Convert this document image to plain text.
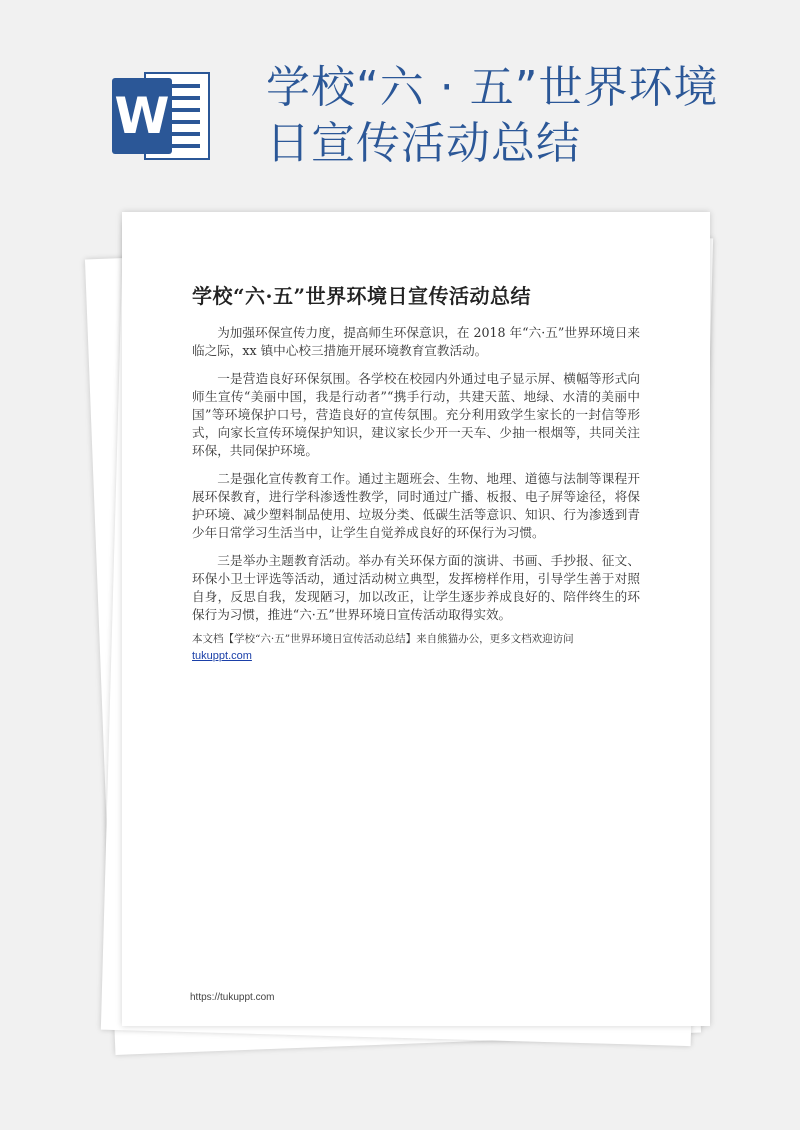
W 学校“六 · 五”世界环境日宣传活动总结
学校“六·五”世界环境日宣传活动总结

为加强环保宣传力度，提高师生环保意识，在 2018 年“六·五”世界环境日来临之际，xx 镇中心校三措施开展环境教育宣教活动。

一是营造良好环保氛围。各学校在校园内外通过电子显示屏、横幅等形式向师生宣传“美丽中国，我是行动者”“携手行动，共建天蓝、地绿、水清的美丽中国”等环境保护口号，营造良好的宣传氛围。充分利用致学生家长的一封信等形式，向家长宣传环境保护知识，建议家长少开一天车、少抽一根烟等，共同关注环保，共同保护环境。

二是强化宣传教育工作。通过主题班会、生物、地理、道德与法制等课程开展环保教育，进行学科渗透性教学，同时通过广播、板报、电子屏等途径，将保护环境、减少塑料制品使用、垃圾分类、低碳生活等意识、知识、行为渗透到青少年日常学习生活当中，让学生自觉养成良好的环保行为习惯。

三是举办主题教育活动。举办有关环保方面的演讲、书画、手抄报、征文、环保小卫士评选等活动，通过活动树立典型，发挥榜样作用，引导学生善于对照自身，反思自我，发现陋习，加以改正，让学生逐步养成良好的、陪伴终生的环保行为习惯，推进“六·五”世界环境日宣传活动取得实效。

本文档【学校“六·五”世界环境日宣传活动总结】来自熊猫办公，更多文档欢迎访问
tukuppt.com
https://tukuppt.com
